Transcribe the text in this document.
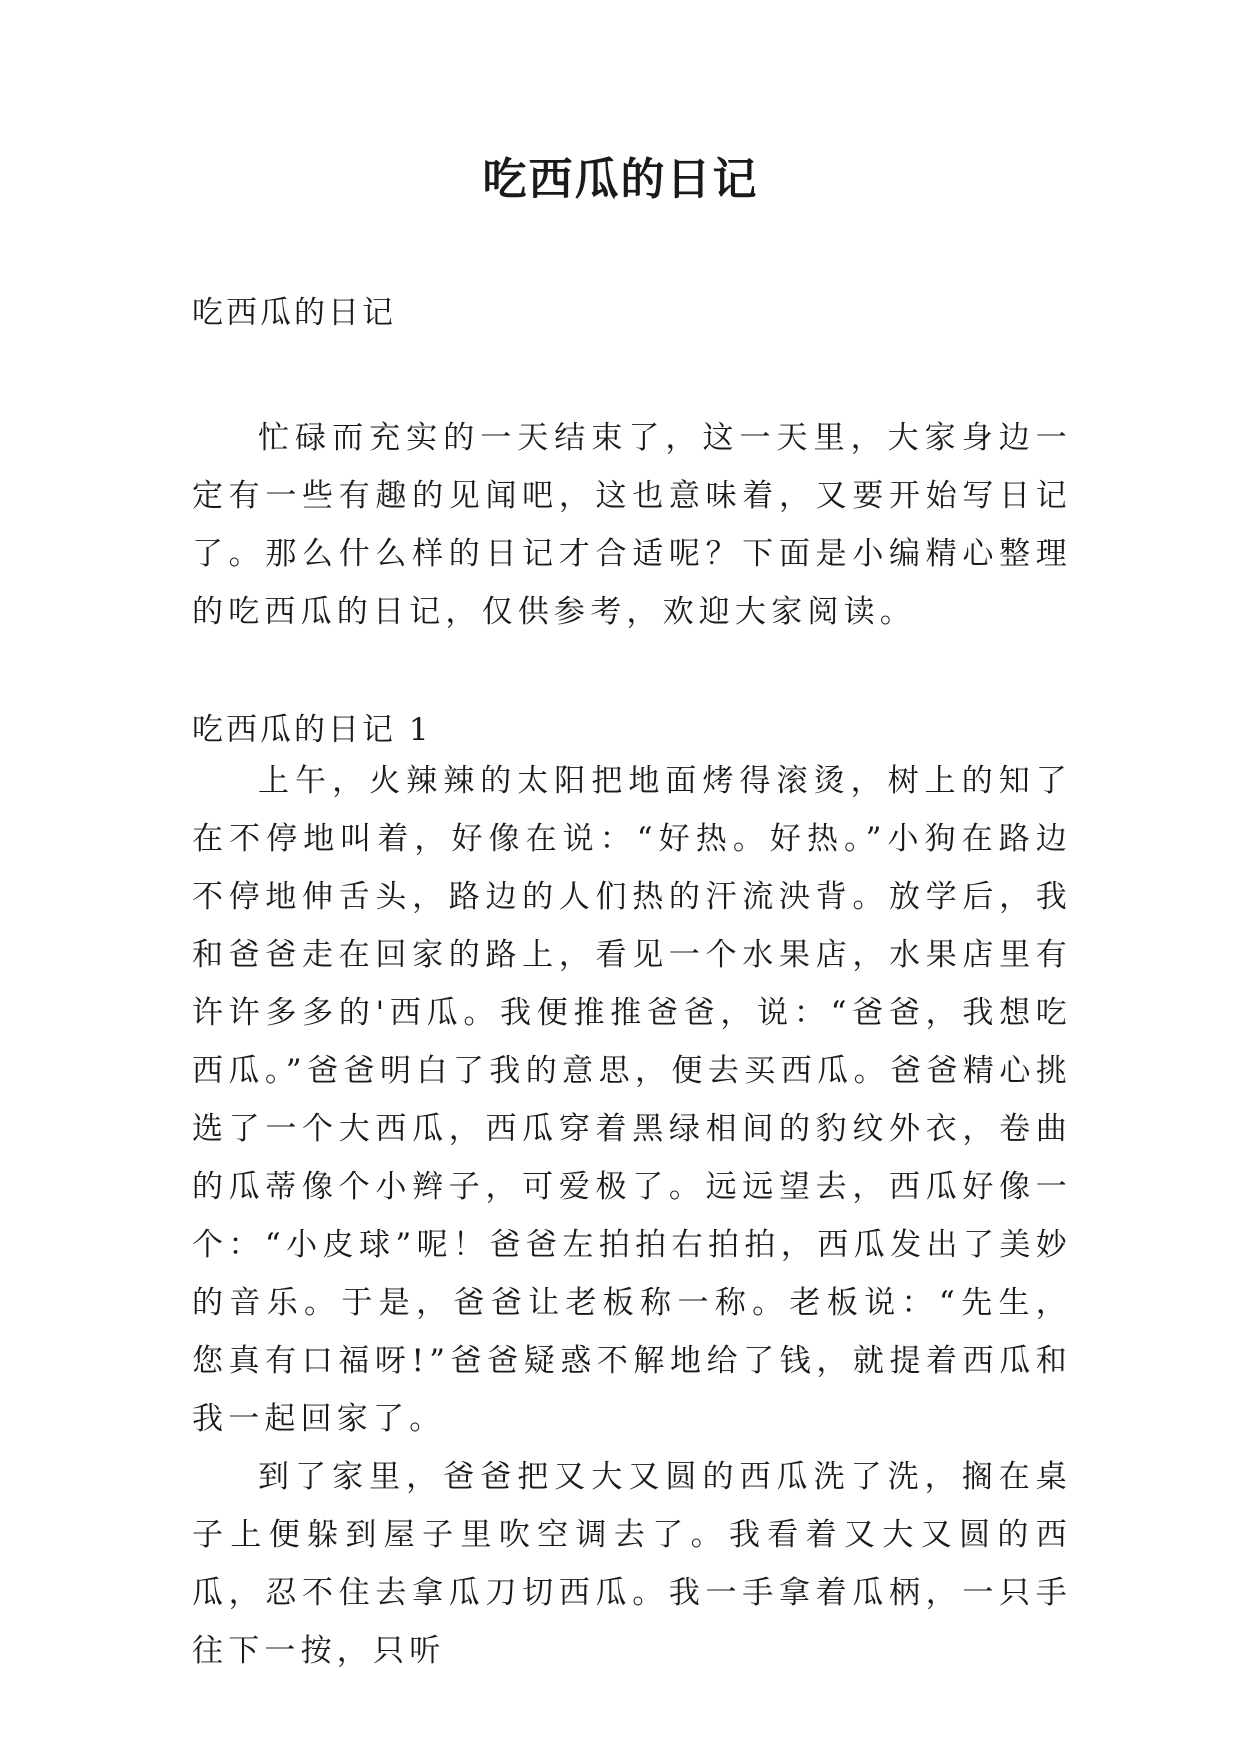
吃西瓜的日记
吃西瓜的日记

忙碌而充实的一天结束了，这一天里，大家身边一定有一些有趣的见闻吧，这也意味着，又要开始写日记了。那么什么样的日记才合适呢？下面是小编精心整理的吃西瓜的日记，仅供参考，欢迎大家阅读。

吃西瓜的日记 1

上午，火辣辣的太阳把地面烤得滚烫，树上的知了在不停地叫着，好像在说：“好热。好热。”小狗在路边不停地伸舌头，路边的人们热的汗流泱背。放学后，我和爸爸走在回家的路上，看见一个水果店，水果店里有许许多多的'西瓜。我便推推爸爸，说：“爸爸，我想吃西瓜。”爸爸明白了我的意思，便去买西瓜。爸爸精心挑选了一个大西瓜，西瓜穿着黑绿相间的豹纹外衣，卷曲的瓜蒂像个小辫子，可爱极了。远远望去，西瓜好像一个：“小皮球”呢！爸爸左拍拍右拍拍，西瓜发出了美妙的音乐。于是，爸爸让老板称一称。老板说：“先生，您真有口福呀!”爸爸疑惑不解地给了钱，就提着西瓜和我一起回家了。

到了家里，爸爸把又大又圆的西瓜洗了洗，搁在桌子上便躲到屋子里吹空调去了。我看着又大又圆的西瓜，忍不住去拿瓜刀切西瓜。我一手拿着瓜柄，一只手往下一按，只听
